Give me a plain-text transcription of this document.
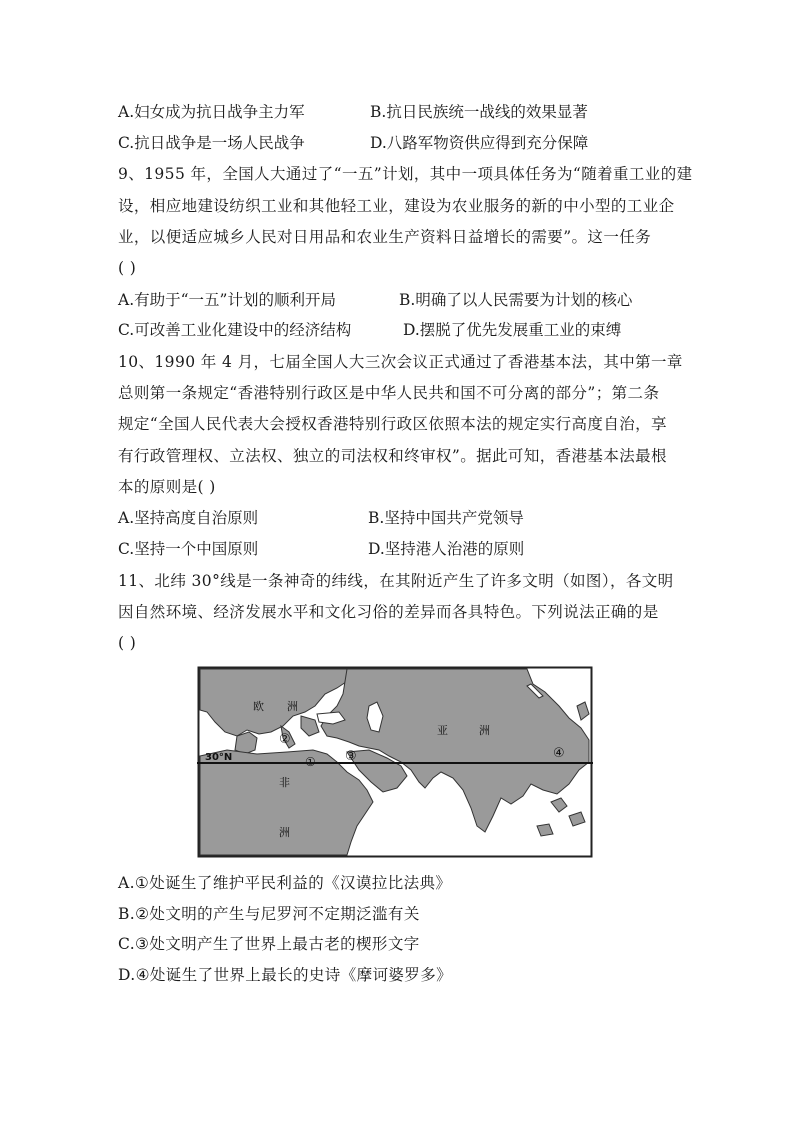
A.妇女成为抗日战争主力军	B.抗日民族统一战线的效果显著
C.抗日战争是一场人民战争	D.八路军物资供应得到充分保障
9、1955 年，全国人大通过了“一五”计划，其中一项具体任务为“随着重工业的建
设，相应地建设纺织工业和其他轻工业，建设为农业服务的新的中小型的工业企
业，以便适应城乡人民对日用品和农业生产资料日益增长的需要”。这一任务
( )
A.有助于“一五”计划的顺利开局	B.明确了以人民需要为计划的核心
C.可改善工业化建设中的经济结构	D.摆脱了优先发展重工业的束缚
10、1990 年 4 月，七届全国人大三次会议正式通过了香港基本法，其中第一章
总则第一条规定“香港特别行政区是中华人民共和国不可分离的部分”；第二条
规定“全国人民代表大会授权香港特别行政区依照本法的规定实行高度自治，享
有行政管理权、立法权、独立的司法权和终审权”。据此可知，香港基本法最根
本的原则是( )
A.坚持高度自治原则	B.坚持中国共产党领导
C.坚持一个中国原则	D.坚持港人治港的原则
11、北纬 30°线是一条神奇的纬线，在其附近产生了许多文明（如图），各文明
因自然环境、经济发展水平和文化习俗的差异而各具特色。下列说法正确的是
( )
欧 洲
亚	洲
非
洲
30°N
②
① ③	④
A.①处诞生了维护平民利益的《汉谟拉比法典》
B.②处文明的产生与尼罗河不定期泛滥有关
C.③处文明产生了世界上最古老的楔形文字
D.④处诞生了世界上最长的史诗《摩诃婆罗多》
